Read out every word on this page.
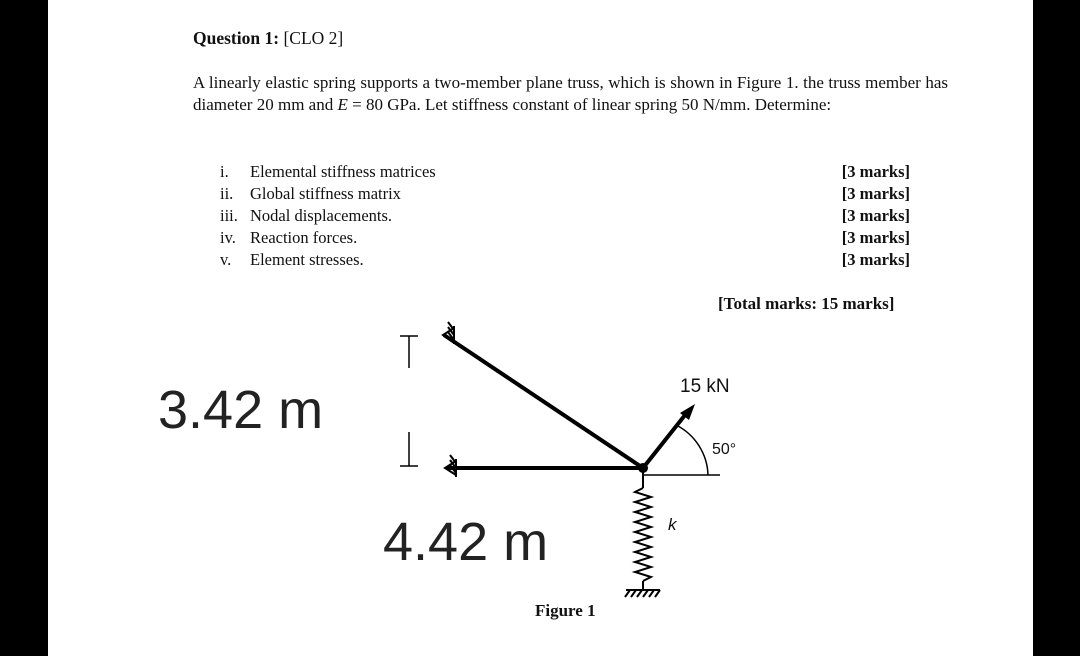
Question 1: [CLO 2]
A linearly elastic spring supports a two-member plane truss, which is shown in Figure 1. the truss member has diameter 20 mm and E = 80 GPa. Let stiffness constant of linear spring 50 N/mm. Determine:
i.	Elemental stiffness matrices	[3 marks]
ii.	Global stiffness matrix	[3 marks]
iii. Nodal displacements.	[3 marks]
iv. Reaction forces.	[3 marks]
v.	Element stresses.	[3 marks]
[Total marks: 15 marks]
15 kN
50°
k
3.42 m
4.42 m
Figure 1
